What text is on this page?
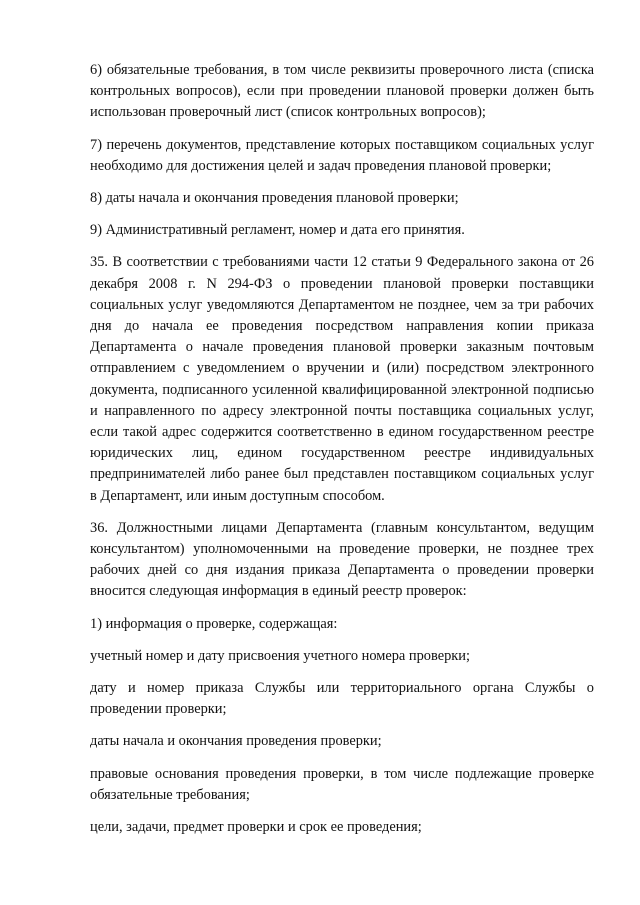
6) обязательные требования, в том числе реквизиты проверочного листа (списка контрольных вопросов), если при проведении плановой проверки должен быть использован проверочный лист (список контрольных вопросов);

7) перечень документов, представление которых поставщиком социальных услуг необходимо для достижения целей и задач проведения плановой проверки;

8) даты начала и окончания проведения плановой проверки;

9) Административный регламент, номер и дата его принятия.

35. В соответствии с требованиями части 12 статьи 9 Федерального закона от 26 декабря 2008 г. N 294-ФЗ о проведении плановой проверки поставщики социальных услуг уведомляются Департаментом не позднее, чем за три рабочих дня до начала ее проведения посредством направления копии приказа Департамента о начале проведения плановой проверки заказным почтовым отправлением с уведомлением о вручении и (или) посредством электронного документа, подписанного усиленной квалифицированной электронной подписью и направленного по адресу электронной почты поставщика социальных услуг, если такой адрес содержится соответственно в едином государственном реестре юридических лиц, едином государственном реестре индивидуальных предпринимателей либо ранее был представлен поставщиком социальных услуг в Департамент, или иным доступным способом.

36. Должностными лицами Департамента (главным консультантом, ведущим консультантом) уполномоченными на проведение проверки, не позднее трех рабочих дней со дня издания приказа Департамента о проведении проверки вносится следующая информация в единый реестр проверок:

1) информация о проверке, содержащая:

учетный номер и дату присвоения учетного номера проверки;

дату и номер приказа Службы или территориального органа Службы о проведении проверки;

даты начала и окончания проведения проверки;

правовые основания проведения проверки, в том числе подлежащие проверке обязательные требования;

цели, задачи, предмет проверки и срок ее проведения;
